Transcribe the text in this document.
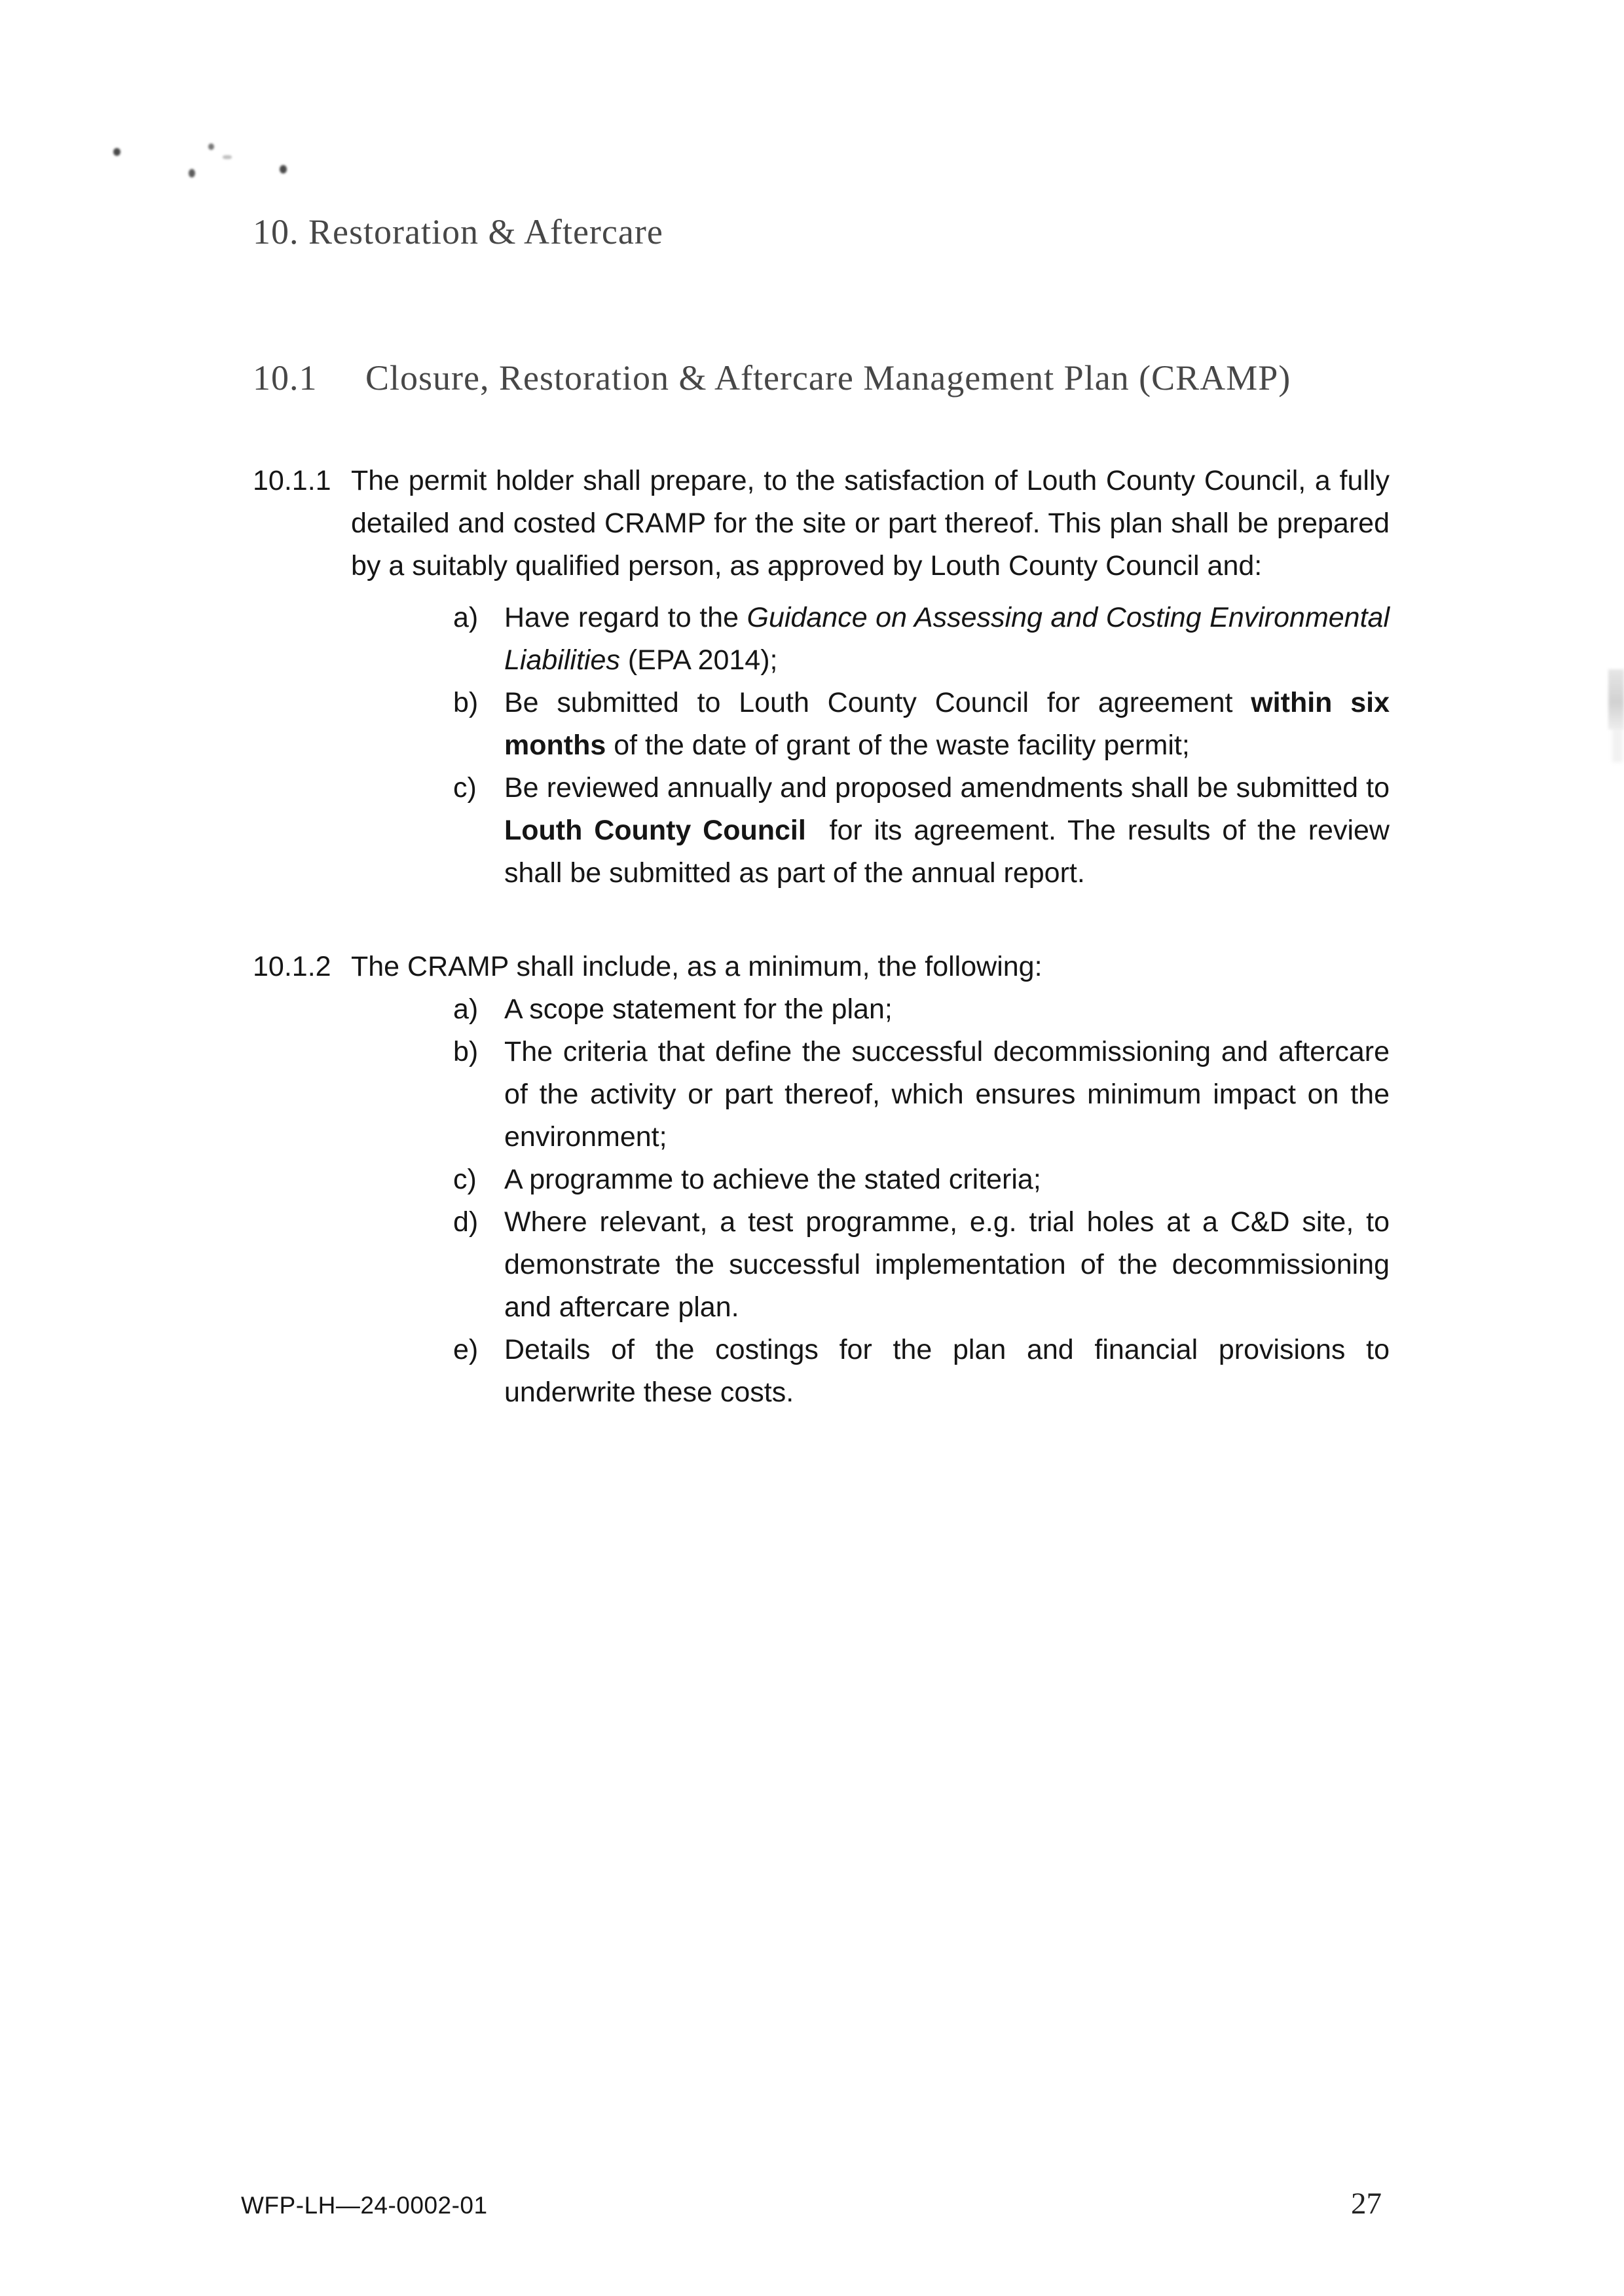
10. Restoration & Aftercare
10.1	Closure, Restoration & Aftercare Management Plan (CRAMP)
10.1.1 The permit holder shall prepare, to the satisfaction of Louth County Council, a fully detailed and costed CRAMP for the site or part thereof. This plan shall be prepared by a suitably qualified person, as approved by Louth County Council and:

a) Have regard to the Guidance on Assessing and Costing Environmental Liabilities (EPA 2014);

b) Be submitted to Louth County Council for agreement within six months of the date of grant of the waste facility permit;

c) Be reviewed annually and proposed amendments shall be submitted to Louth County Council  for its agreement. The results of the review shall be submitted as part of the annual report.

10.1.2 The CRAMP shall include, as a minimum, the following:

a) A scope statement for the plan;

b) The criteria that define the successful decommissioning and aftercare of the activity or part thereof, which ensures minimum impact on the environment;

c) A programme to achieve the stated criteria;

d) Where relevant, a test programme, e.g. trial holes at a C&D site, to demonstrate the successful implementation of the decommissioning and aftercare plan.

e) Details of the costings for the plan and financial provisions to underwrite these costs.

WFP-LH—24-0002-01	27
